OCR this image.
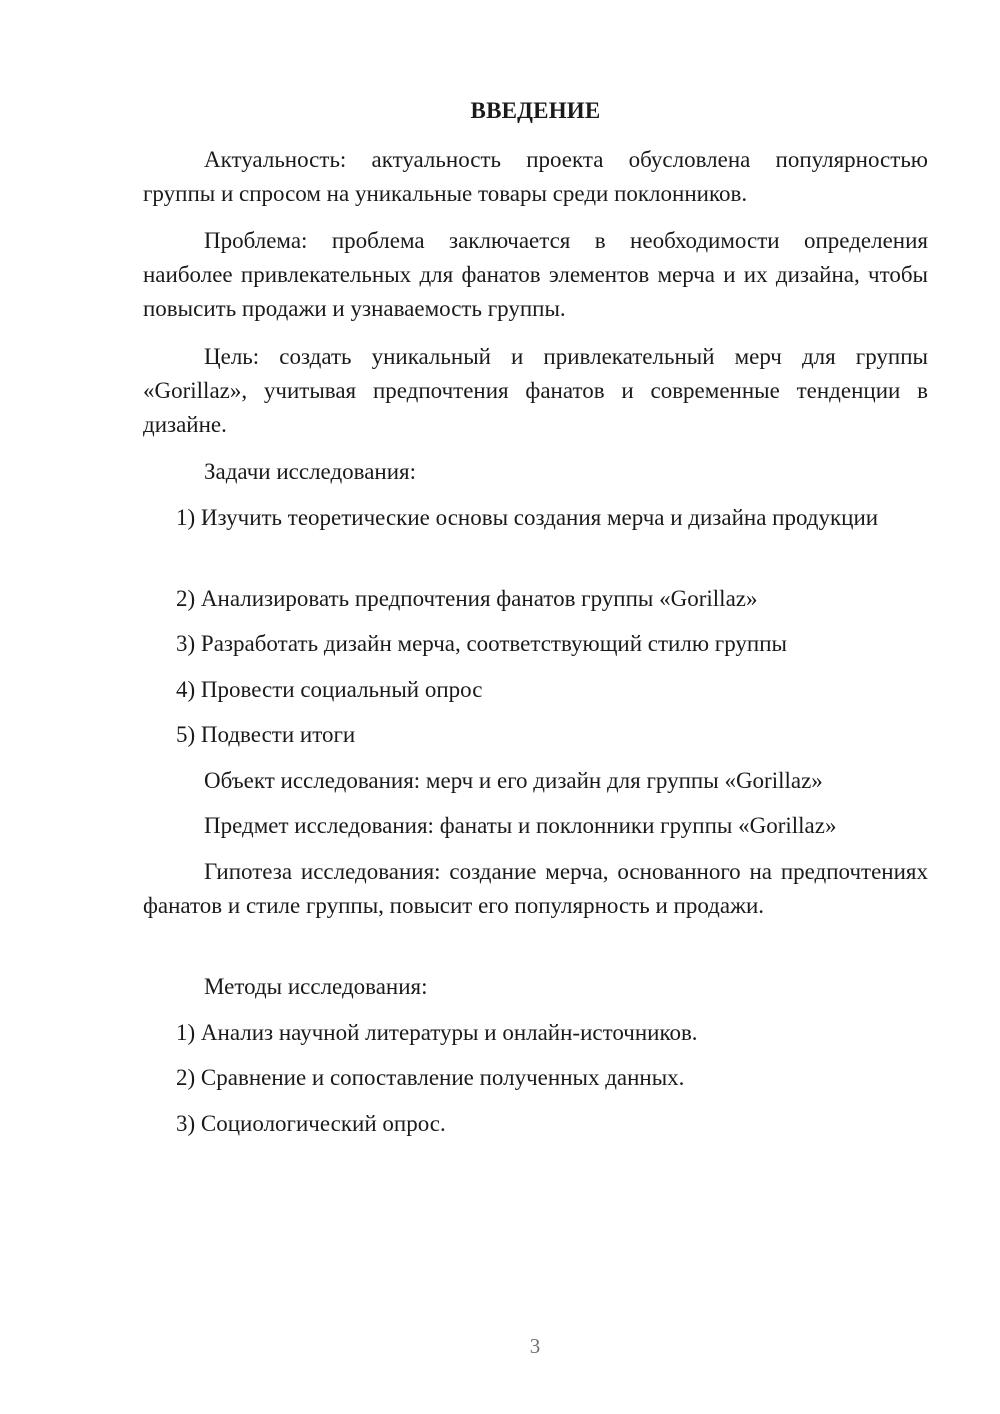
ВВЕДЕНИЕ

Актуальность: актуальность проекта обусловлена популярностью группы и спросом на уникальные товары среди поклонников.

Проблема: проблема заключается в необходимости определения наиболее привлекательных для фанатов элементов мерча и их дизайна, чтобы повысить продажи и узнаваемость группы.

Цель: создать уникальный и привлекательный мерч для группы «Gorillaz», учитывая предпочтения фанатов и современные тенденции в дизайне.

Задачи исследования:

1) Изучить теоретические основы создания мерча и дизайна продукции

2) Анализировать предпочтения фанатов группы «Gorillaz»

3) Разработать дизайн мерча, соответствующий стилю группы

4) Провести социальный опрос

5) Подвести итоги

Объект исследования: мерч и его дизайн для группы «Gorillaz»

Предмет исследования: фанаты и поклонники группы «Gorillaz»

Гипотеза исследования: создание мерча, основанного на предпочтениях фанатов и стиле группы, повысит его популярность и продажи.

Методы исследования:

1) Анализ научной литературы и онлайн-источников.

2) Сравнение и сопоставление полученных данных.

3) Социологический опрос.

3
